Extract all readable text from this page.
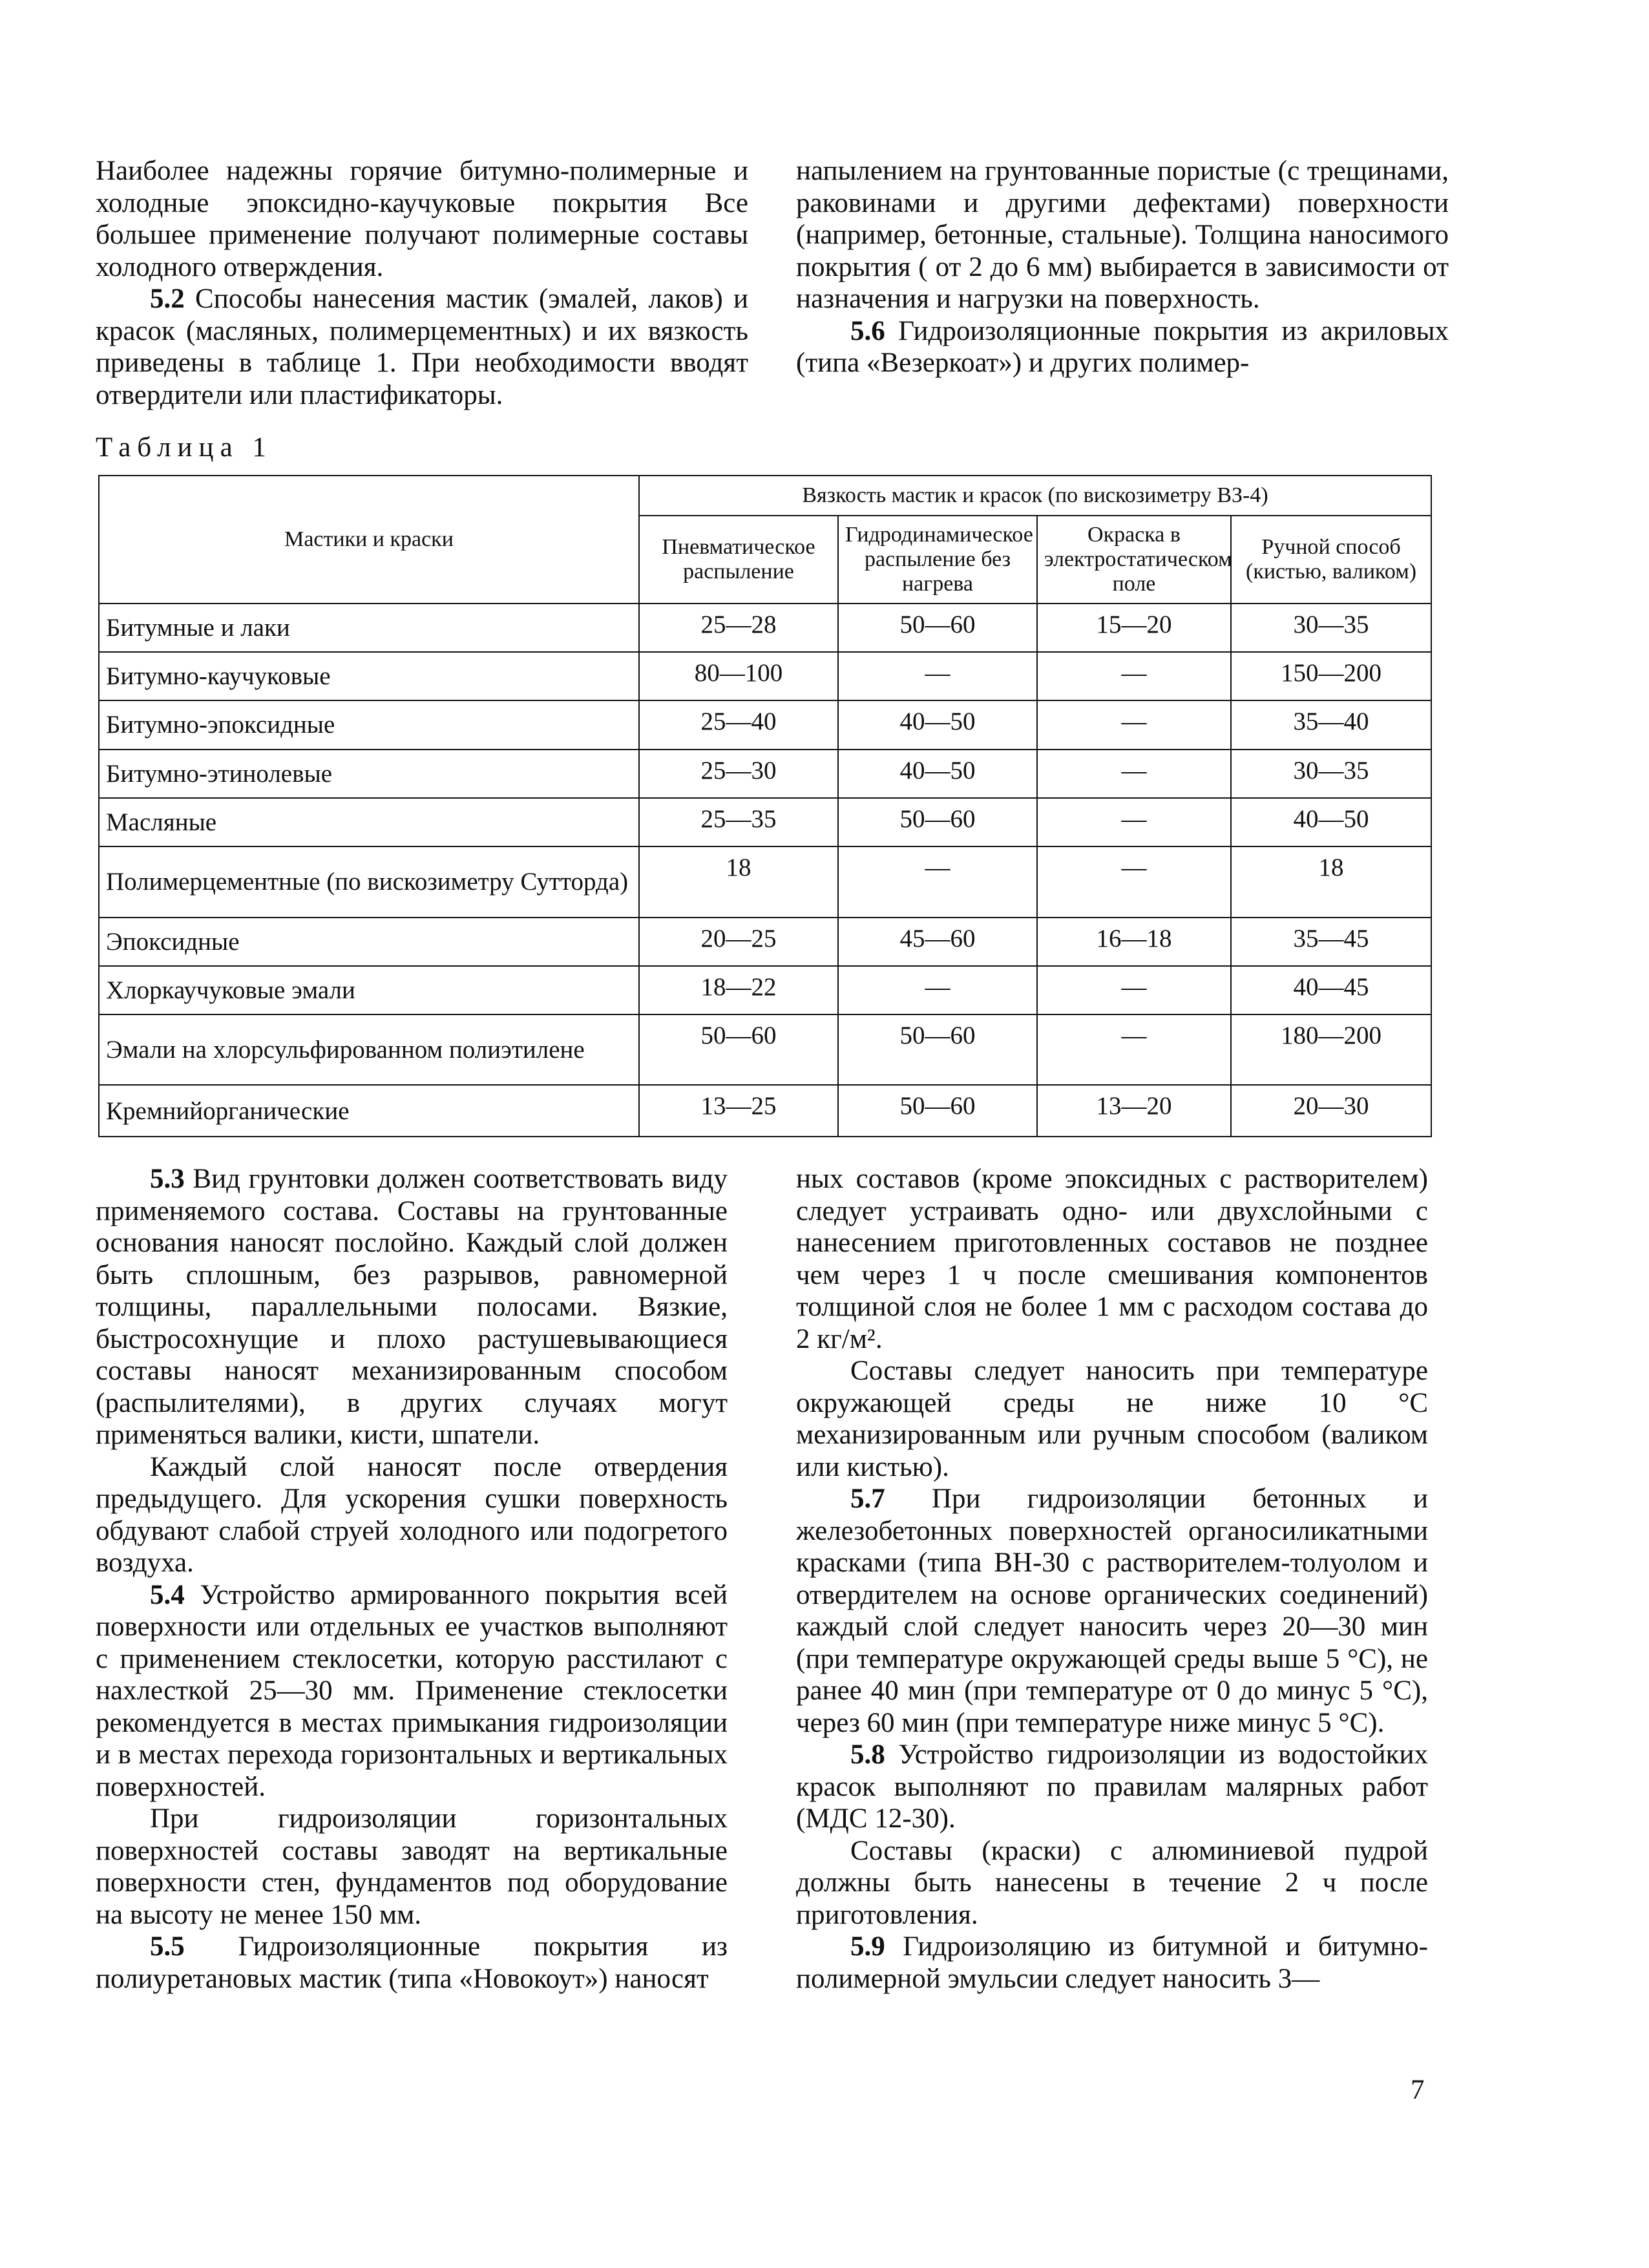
Наиболее надежны горячие битумно-полимерные и холодные эпоксидно-каучуковые покрытия Все большее применение получают полимерные составы холодного отверждения.

5.2 Способы нанесения мастик (эмалей, лаков) и красок (масляных, полимерцементных) и их вязкость приведены в таблице 1. При необходимости вводят отвердители или пластификаторы.

напылением на грунтованные пористые (с трещинами, раковинами и другими дефектами) поверхности (например, бетонные, стальные). Толщина наносимого покрытия ( от 2 до 6 мм) выбирается в зависимости от назначения и нагрузки на поверхность.

5.6 Гидроизоляционные покрытия из акриловых (типа «Везеркоат») и других полимер-

Таблица 1
Мастики и краски	Вязкость мастик и красок (по вискозиметру ВЗ-4)			
	Пневматическое распыление	Гидродинамическое распыление без нагрева	Окраска в электростатическом поле	Ручной способ (кистью, валиком)
Битумные и лаки	25—28	50—60	15—20	30—35
Битумно-каучуковые	80—100	—	—	150—200
Битумно-эпоксидные	25—40	40—50	—	35—40
Битумно-этинолевые	25—30	40—50	—	30—35
Масляные	25—35	50—60	—	40—50
Полимерцементные (по вискозиметру Сутторда)	18	—	—	18
Эпоксидные	20—25	45—60	16—18	35—45
Хлоркаучуковые эмали	18—22	—	—	40—45
Эмали на хлорсульфированном полиэтилене	50—60	50—60	—	180—200
Кремнийорганические	13—25	50—60	13—20	20—30

5.3 Вид грунтовки должен соответствовать виду применяемого состава. Составы на грунтованные основания наносят послойно. Каждый слой должен быть сплошным, без разрывов, равномерной толщины, параллельными полосами. Вязкие, быстросохнущие и плохо растушевывающиеся составы наносят механизированным способом (распылителями), в других случаях могут применяться валики, кисти, шпатели.

Каждый слой наносят после отвердения предыдущего. Для ускорения сушки поверхность обдувают слабой струей холодного или подогретого воздуха.

5.4 Устройство армированного покрытия всей поверхности или отдельных ее участков выполняют с применением стеклосетки, которую расстилают с нахлесткой 25—30 мм. Применение стеклосетки рекомендуется в местах примыкания гидроизоляции и в местах перехода горизонтальных и вертикальных поверхностей.

При гидроизоляции горизонтальных поверхностей составы заводят на вертикальные поверхности стен, фундаментов под оборудование на высоту не менее 150 мм.

5.5 Гидроизоляционные покрытия из полиуретановых мастик (типа «Новокоут») наносят

ных составов (кроме эпоксидных с растворителем) следует устраивать одно- или двухслойными с нанесением приготовленных составов не позднее чем через 1 ч после смешивания компонентов толщиной слоя не более 1 мм с расходом состава до 2 кг/м².

Составы следует наносить при температуре окружающей среды не ниже 10 °С механизированным или ручным способом (валиком или кистью).

5.7 При гидроизоляции бетонных и железобетонных поверхностей органосиликатными красками (типа ВН-30 с растворителем-толуолом и отвердителем на основе органических соединений) каждый слой следует наносить через 20—30 мин (при температуре окружающей среды выше 5 °С), не ранее 40 мин (при температуре от 0 до минус 5 °С), через 60 мин (при температуре ниже минус 5 °С).

5.8 Устройство гидроизоляции из водостойких красок выполняют по правилам малярных работ (МДС 12-30).

Составы (краски) с алюминиевой пудрой должны быть нанесены в течение 2 ч после приготовления.

5.9 Гидроизоляцию из битумной и битумно-полимерной эмульсии следует наносить 3—

7
